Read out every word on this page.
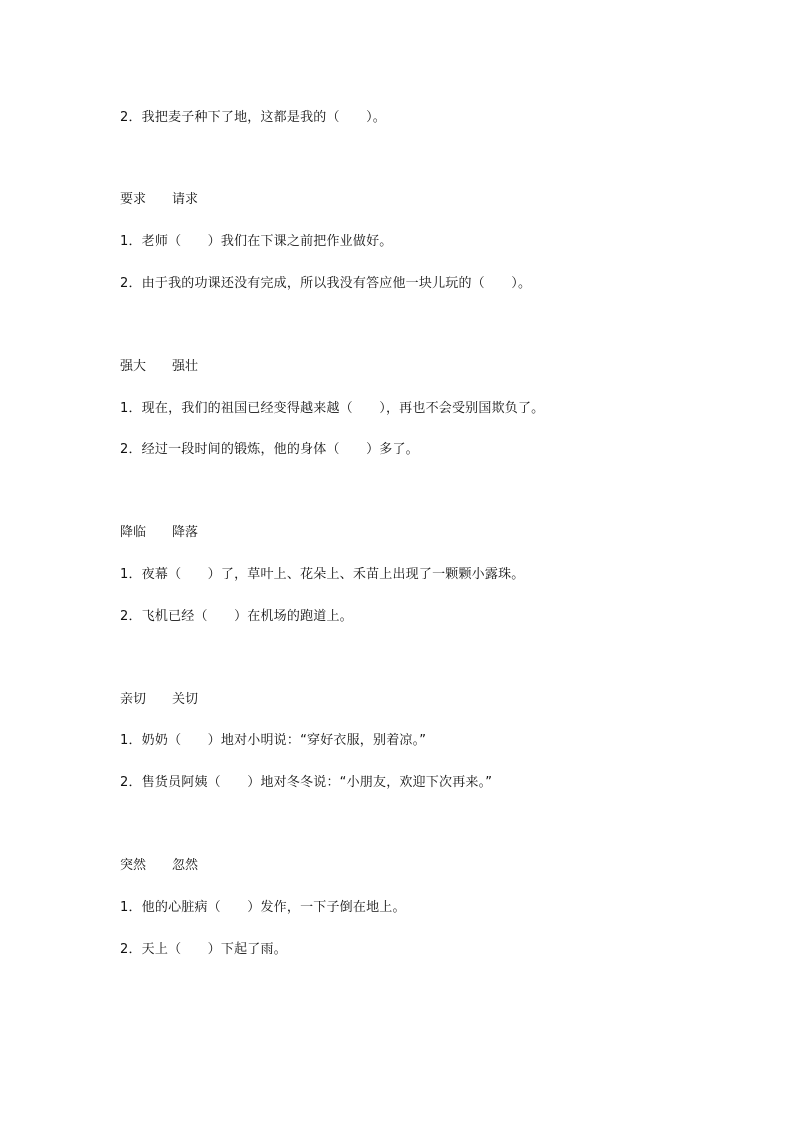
2．我把麦子种下了地，这都是我的（　　）。
要求 请求
1．老师（　　）我们在下课之前把作业做好。
2．由于我的功课还没有完成，所以我没有答应他一块儿玩的（　　）。
强大 强壮
1．现在，我们的祖国已经变得越来越（　　），再也不会受别国欺负了。
2．经过一段时间的锻炼，他的身体（　　）多了。
降临 降落
1．夜幕（　　）了，草叶上、花朵上、禾苗上出现了一颗颗小露珠。
2．飞机已经（　　）在机场的跑道上。
亲切 关切
1．奶奶（　　）地对小明说：“穿好衣服，别着凉。”
2．售货员阿姨（　　）地对冬冬说：“小朋友，欢迎下次再来。”
突然 忽然
1．他的心脏病（　　）发作，一下子倒在地上。
2．天上（　　）下起了雨。
